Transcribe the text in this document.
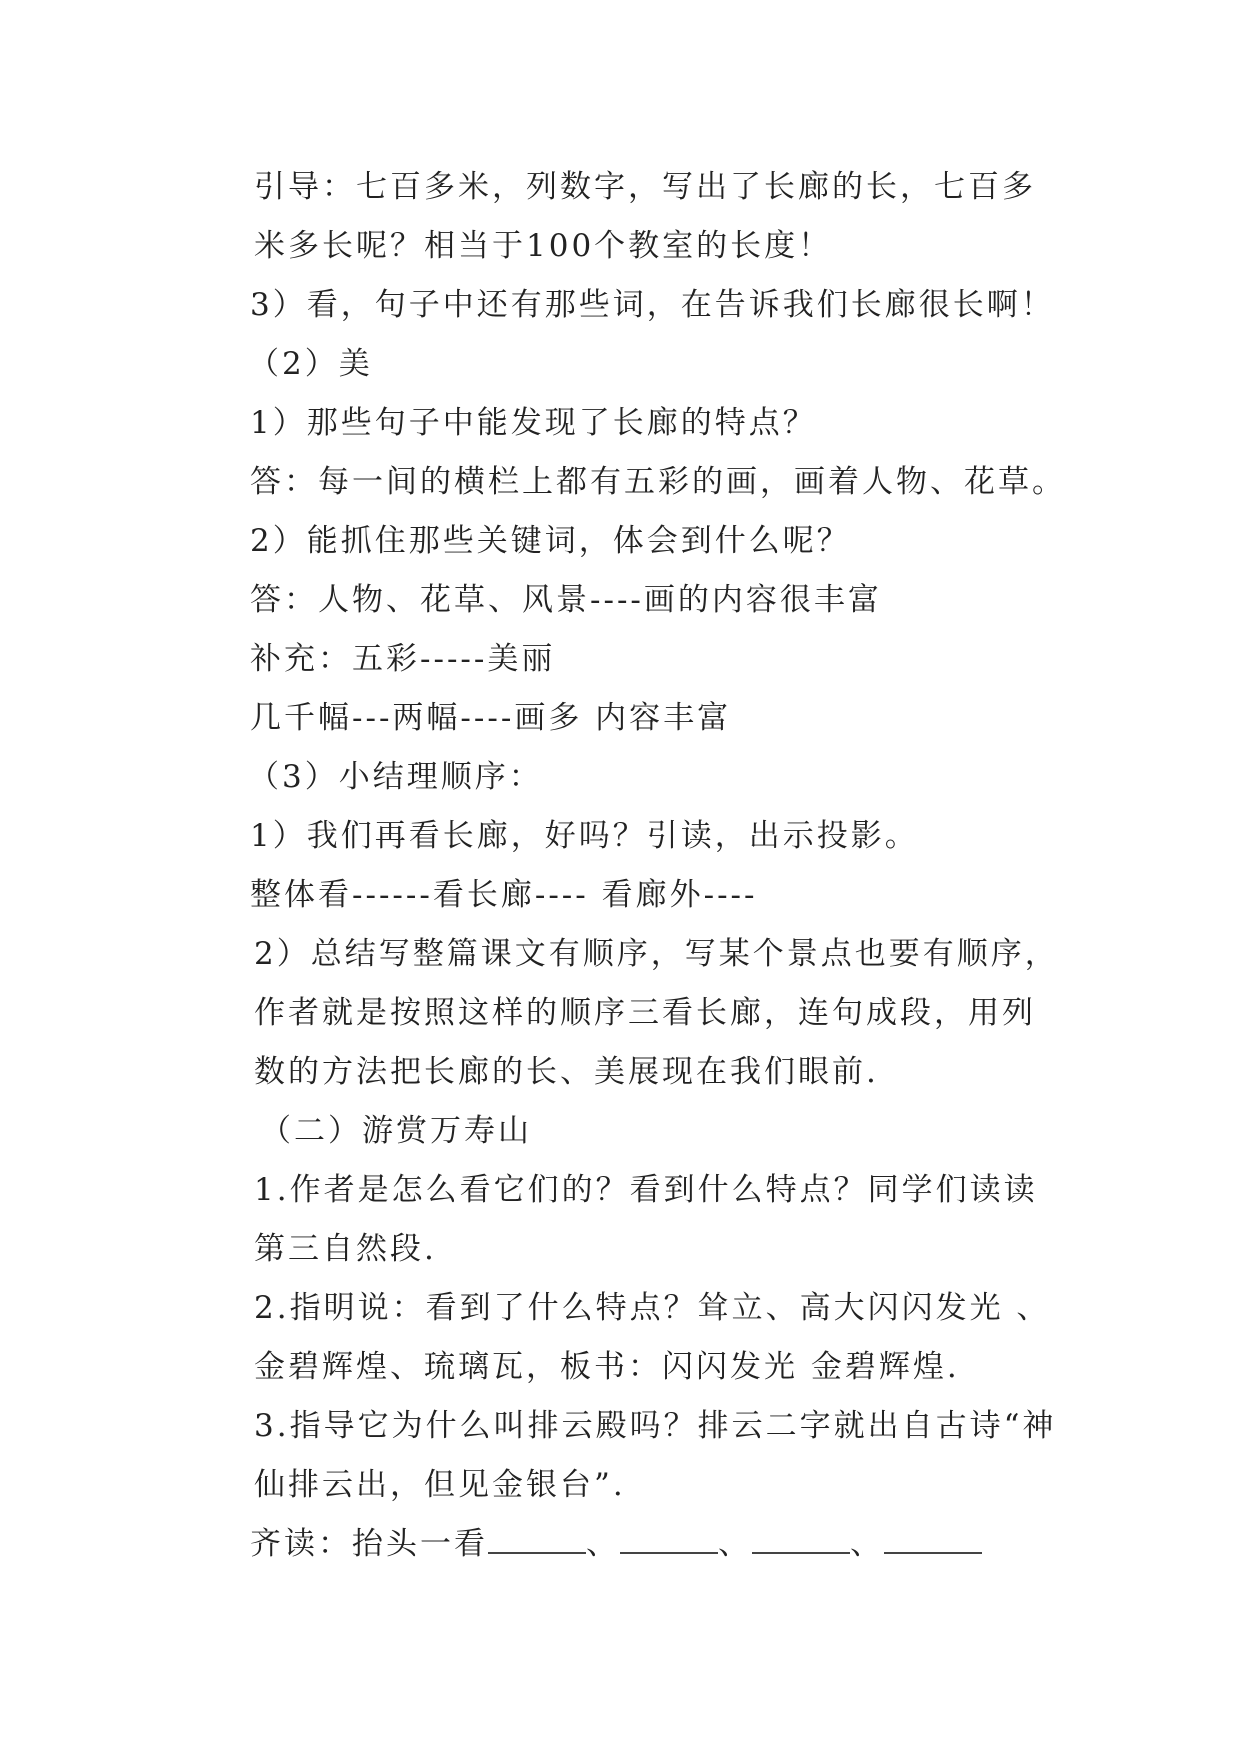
引导：七百多米，列数字，写出了长廊的长，七百多米多长呢？相当于100个教室的长度！

3）看，句子中还有那些词，在告诉我们长廊很长啊！

（2）美

1）那些句子中能发现了长廊的特点？

答：每一间的横栏上都有五彩的画，画着人物、花草。

2）能抓住那些关键词，体会到什么呢？

答：人物、花草、风景----画的内容很丰富

补充：五彩-----美丽

几千幅---两幅----画多 内容丰富

（3）小结理顺序：

1）我们再看长廊，好吗？引读，出示投影。

整体看------看长廊---- 看廊外----

2）总结写整篇课文有顺序，写某个景点也要有顺序，作者就是按照这样的顺序三看长廊，连句成段，用列数的方法把长廊的长、美展现在我们眼前.

（二）游赏万寿山

1.作者是怎么看它们的？看到什么特点？同学们读读第三自然段.

2.指明说：看到了什么特点？耸立、高大闪闪发光 、金碧辉煌、琉璃瓦，板书：闪闪发光 金碧辉煌.

3.指导它为什么叫排云殿吗？排云二字就出自古诗“神仙排云出，但见金银台”.

齐读：抬头一看	、	、	、
